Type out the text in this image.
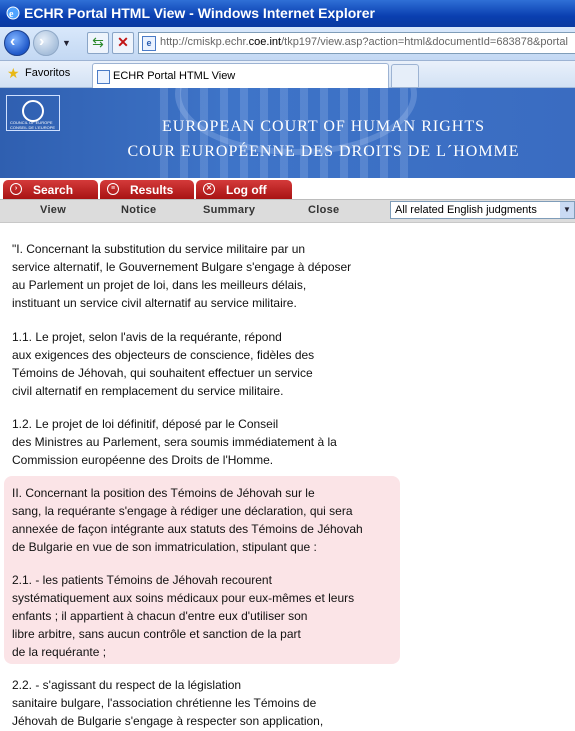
e ECHR Portal HTML View - Windows Internet Explorer
‹ › ▼	⇆ ✕	e http://cmiskp.echr.coe.int/tkp197/view.asp?action=html&documentId=683878&portal
★ Favoritos	ECHR Portal HTML View
COUNCIL OF EUROPE CONSEIL DE L'EUROPE	EUROPEAN COURT OF HUMAN RIGHTS
COUR EUROPÉENNE DES DROITS DE L´HOMME
›	Search	≡	Results	✕ Log off
View	Notice	Summary	Close	All related English judgments	▼
"I. Concernant la substitution du service militaire par un
service alternatif, le Gouvernement Bulgare s'engage à déposer
au Parlement un projet de loi, dans les meilleurs délais,
instituant un service civil alternatif au service militaire.
1.1. Le projet, selon l'avis de la requérante, répond
aux exigences des objecteurs de conscience, fidèles des
Témoins de Jéhovah, qui souhaitent effectuer un service
civil alternatif en remplacement du service militaire.
1.2. Le projet de loi définitif, déposé par le Conseil
des Ministres au Parlement, sera soumis immédiatement à la
Commission européenne des Droits de l'Homme.
II. Concernant la position des Témoins de Jéhovah sur le
sang, la requérante s'engage à rédiger une déclaration, qui sera
annexée de façon intégrante aux statuts des Témoins de Jéhovah
de Bulgarie en vue de son immatriculation, stipulant que :
2.1. - les patients Témoins de Jéhovah recourent
systématiquement aux soins médicaux pour eux-mêmes et leurs
enfants ; il appartient à chacun d'entre eux d'utiliser son
libre arbitre, sans aucun contrôle et sanction de la part
de la requérante ;
2.2. - s'agissant du respect de la législation
sanitaire bulgare, l'association chrétienne les Témoins de
Jéhovah de Bulgarie s'engage à respecter son application,
